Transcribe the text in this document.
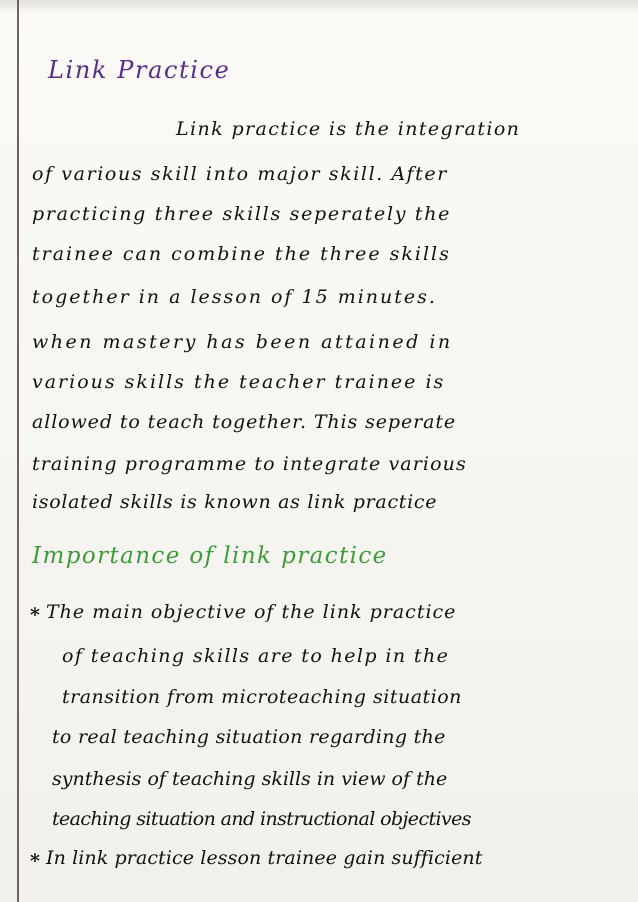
Link Practice
Link practice is the integration
of various skill into major skill. After
practicing three skills seperately the
trainee can combine the three skills
together in a lesson of 15 minutes.
when mastery has been attained in
various skills the teacher trainee is
allowed to teach together. This seperate
training programme to integrate various
isolated skills is known as link practice
Importance of link practice
* The main objective of the link practice
of teaching skills are to help in the
transition from microteaching situation
to real teaching situation regarding the
synthesis of teaching skills in view of the
teaching situation and instructional objectives
* In link practice lesson trainee gain sufficient
